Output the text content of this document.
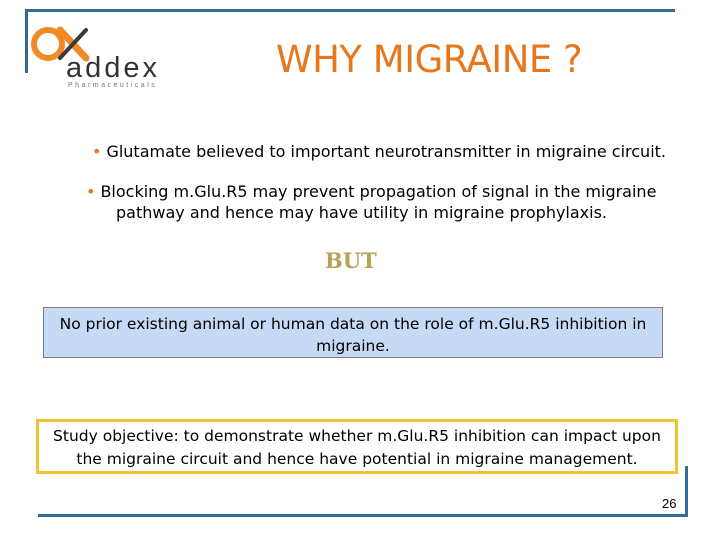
addex
Pharmaceuticals
WHY MIGRAINE ?
• Glutamate believed to important neurotransmitter in migraine circuit.
• Blocking m.Glu.R5 may prevent propagation of signal in the migraine
pathway and hence may have utility in migraine prophylaxis.
BUT
No prior existing animal or human data on the role of m.Glu.R5 inhibition in
migraine.
Study objective: to demonstrate whether m.Glu.R5 inhibition can impact upon
the migraine circuit and hence have potential in migraine management.
26
